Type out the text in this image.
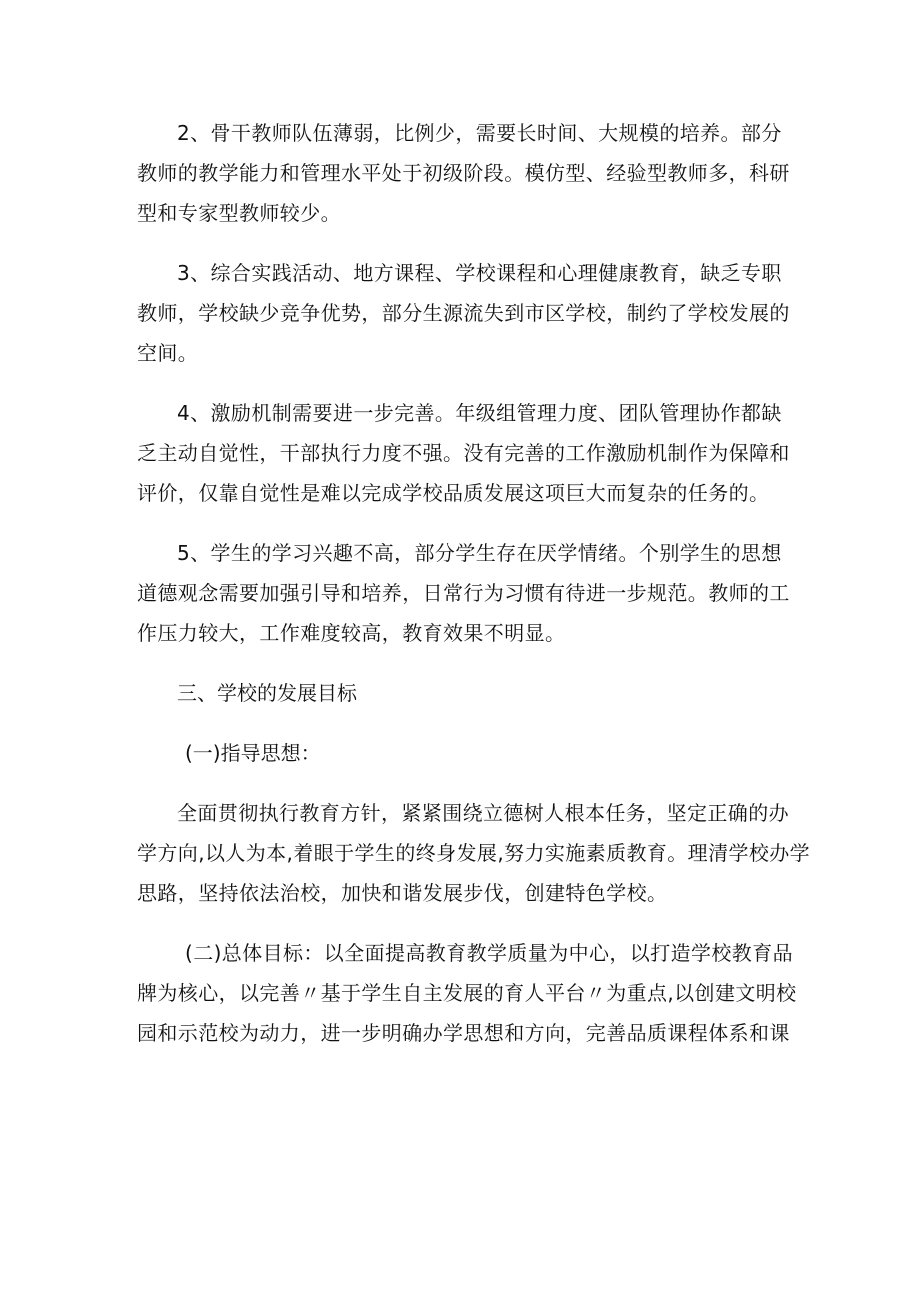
2、骨干教师队伍薄弱，比例少，需要长时间、大规模的培养。部分
教师的教学能力和管理水平处于初级阶段。模仿型、经验型教师多，科研
型和专家型教师较少。

3、综合实践活动、地方课程、学校课程和心理健康教育，缺乏专职
教师，学校缺少竞争优势，部分生源流失到市区学校，制约了学校发展的
空间。

4、激励机制需要进一步完善。年级组管理力度、团队管理协作都缺
乏主动自觉性，干部执行力度不强。没有完善的工作激励机制作为保障和
评价，仅靠自觉性是难以完成学校品质发展这项巨大而复杂的任务的。

5、学生的学习兴趣不高，部分学生存在厌学情绪。个别学生的思想
道德观念需要加强引导和培养，日常行为习惯有待进一步规范。教师的工
作压力较大，工作难度较高，教育效果不明显。

三、学校的发展目标

(一)指导思想：

全面贯彻执行教育方针，紧紧围绕立德树人根本任务，坚定正确的办
学方向,以人为本,着眼于学生的终身发展,努力实施素质教育。理清学校办学
思路，坚持依法治校，加快和谐发展步伐，创建特色学校。

(二)总体目标：以全面提高教育教学质量为中心，以打造学校教育品
牌为核心，以完善〃基于学生自主发展的育人平台〃为重点,以创建文明校
园和示范校为动力，进一步明确办学思想和方向，完善品质课程体系和课
